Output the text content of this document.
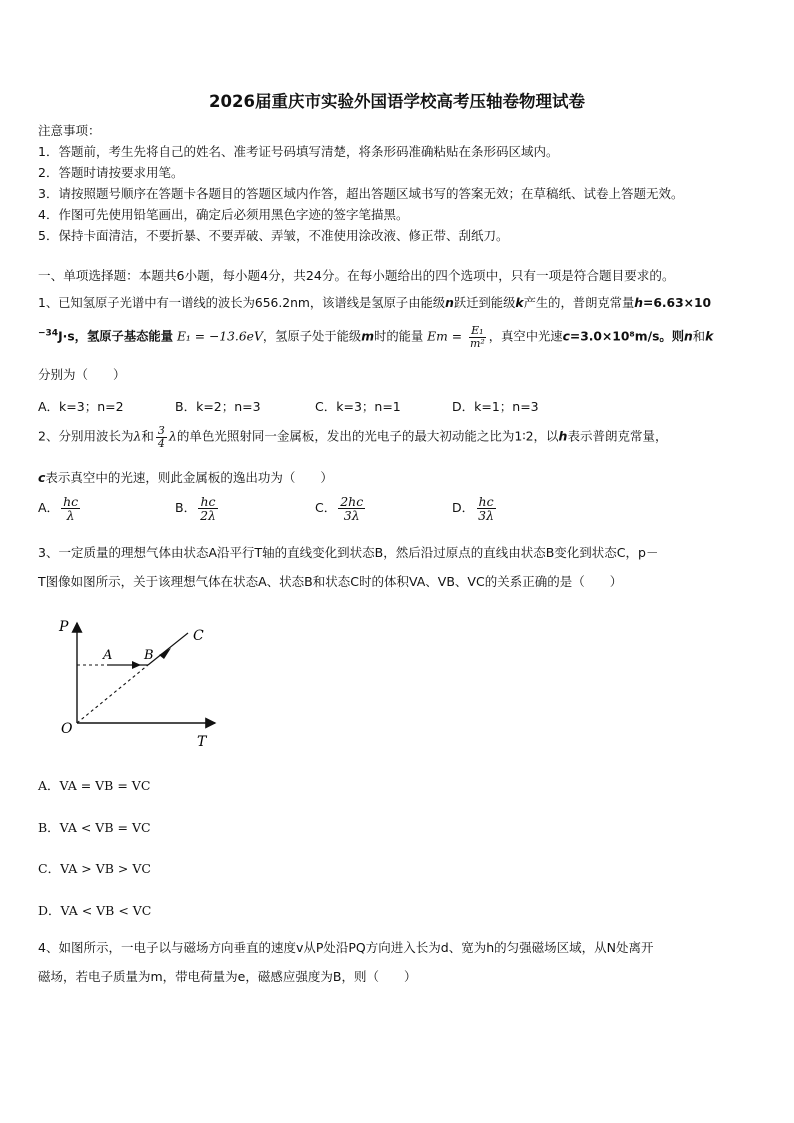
2026届重庆市实验外国语学校高考压轴卷物理试卷
注意事项：
1．答题前，考生先将自己的姓名、准考证号码填写清楚，将条形码准确粘贴在条形码区域内。
2．答题时请按要求用笔。
3．请按照题号顺序在答题卡各题目的答题区域内作答，超出答题区域书写的答案无效；在草稿纸、试卷上答题无效。
4．作图可先使用铅笔画出，确定后必须用黑色字迹的签字笔描黑。
5．保持卡面清洁，不要折暴、不要弄破、弄皱，不准使用涂改液、修正带、刮纸刀。
一、单项选择题：本题共6小题，每小题4分，共24分。在每小题给出的四个选项中，只有一项是符合题目要求的。
1、已知氢原子光谱中有一谱线的波长为656.2nm，该谱线是氢原子由能级n跃迁到能级k产生的，普朗克常量h=6.63×10
$^{-34}$J·s，氢原子基态能量 E₁ = −13.6eV，氢原子处于能级m时的能量 $Em = \frac{\text{E₁}}{\text{m²}}$ ，真空中光速c=3.0×10⁸m/s。则n和k
分别为（　　）
A．k=3；n=2	B．k=2；n=3	C．k=3；n=1	D．k=1；n=3
2、分别用波长为λ和 $\frac{3}{4}$ λ的单色光照射同一金属板，发出的光电子的最大初动能之比为1∶2，以h表示普朗克常量，
c表示真空中的光速，则此金属板的逸出功为（　　）
A． $\frac{hc}{\lambda}$	B． $\frac{hc}{2\lambda}$	C． $\frac{2hc}{3\lambda}$	D． $\frac{hc}{3\lambda}$
3、一定质量的理想气体由状态A沿平行T轴的直线变化到状态B，然后沿过原点的直线由状态B变化到状态C，p－
T图像如图所示，关于该理想气体在状态A、状态B和状态C时的体积VA、VB、VC的关系正确的是（　　）
P
T
O
A B
C
A．VA = VB = VC
B．VA < VB = VC
C．VA > VB > VC
D．VA < VB < VC
4、如图所示，一电子以与磁场方向垂直的速度v从P处沿PQ方向进入长为d、宽为h的匀强磁场区域，从N处离开
磁场，若电子质量为m，带电荷量为e，磁感应强度为B，则（　　）
